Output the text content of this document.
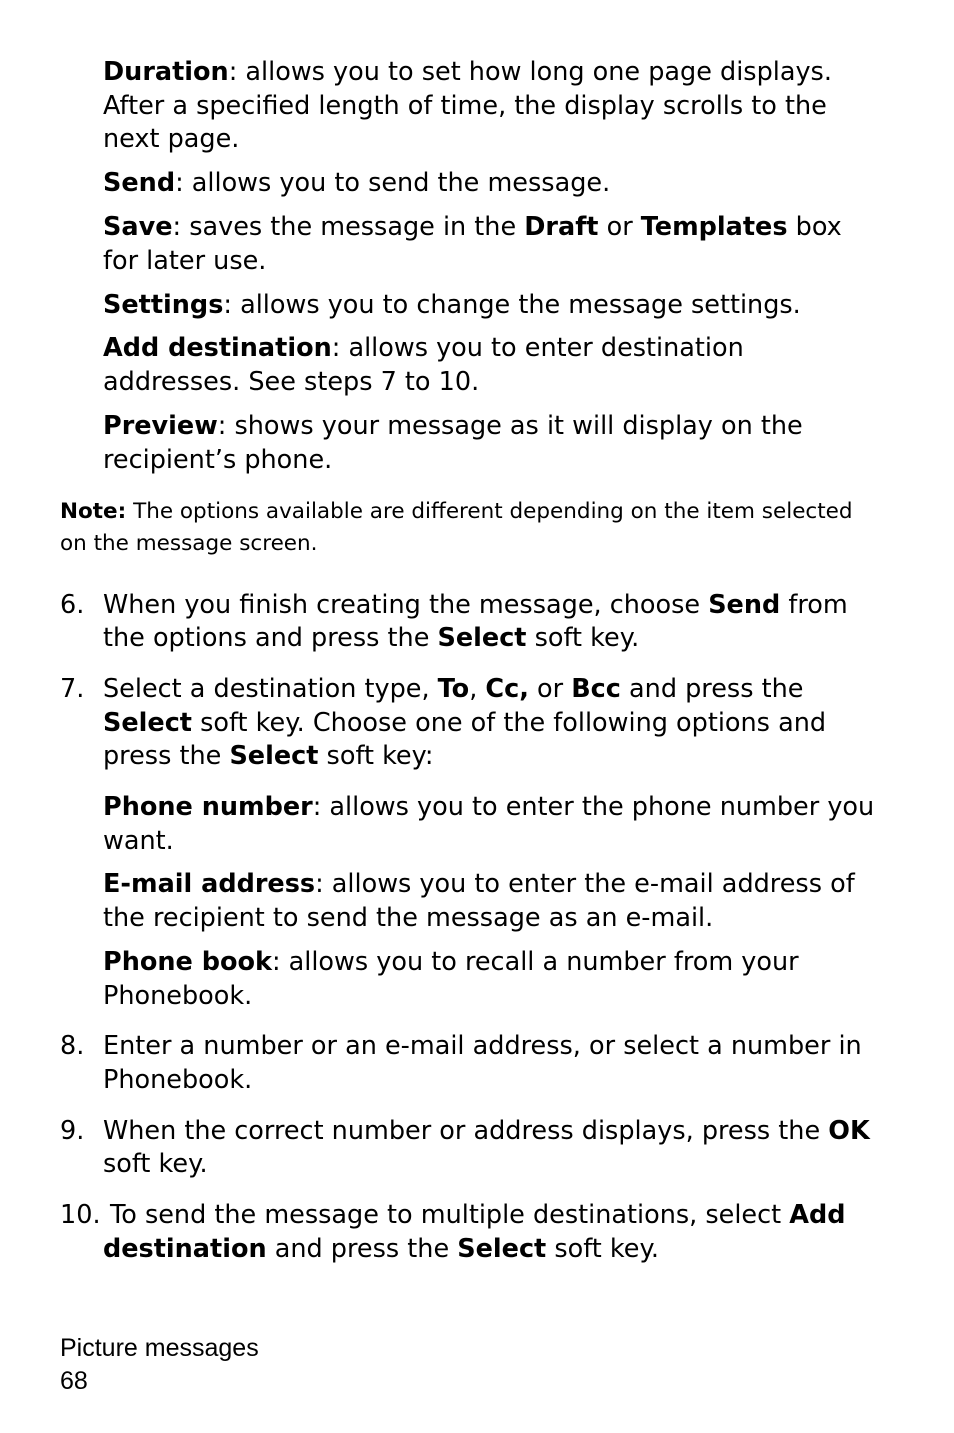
Duration: allows you to set how long one page displays.

After a specified length of time, the display scrolls to the

next page.

Send: allows you to send the message.

Save: saves the message in the Draft or Templates box

for later use.

Settings: allows you to change the message settings.

Add destination: allows you to enter destination

addresses. See steps 7 to 10.

Preview: shows your message as it will display on the

recipient’s phone.

Note: The options available are different depending on the item selected

on the message screen.

6. When you finish creating the message, choose Send from
the options and press the Select soft key.
7. Select a destination type, To, Cc, or Bcc and press the
Select soft key. Choose one of the following options and
press the Select soft key:

Phone number: allows you to enter the phone number you

want.

E-mail address: allows you to enter the e-mail address of

the recipient to send the message as an e-mail.

Phone book: allows you to recall a number from your

Phonebook.

8. Enter a number or an e-mail address, or select a number in
Phonebook.
9. When the correct number or address displays, press the OK
soft key.
10. To send the message to multiple destinations, select Add
destination and press the Select soft key.

Picture messages

68
